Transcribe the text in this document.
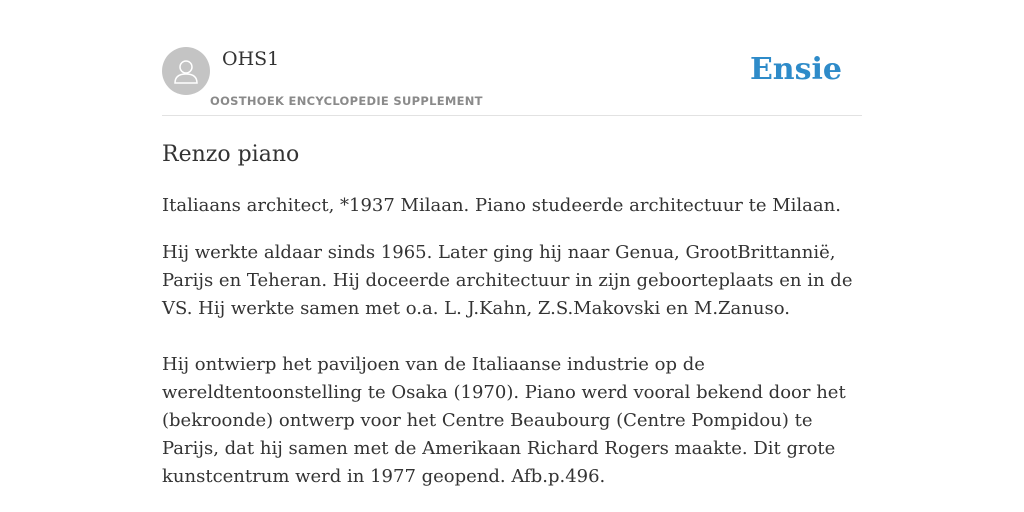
OHS1
OOSTHOEK ENCYCLOPEDIE SUPPLEMENT
Ensie
Renzo piano

Italiaans architect, *1937 Milaan. Piano studeerde architectuur te Milaan.

Hij werkte aldaar sinds 1965. Later ging hij naar Genua, GrootBrittannië, Parijs en Teheran. Hij doceerde architectuur in zijn geboorteplaats en in de VS. Hij werkte samen met o.a. L. J.Kahn, Z.S.Makovski en M.Zanuso.

Hij ontwierp het paviljoen van de Italiaanse industrie op de wereldtentoonstelling te Osaka (1970). Piano werd vooral bekend door het (bekroonde) ontwerp voor het Centre Beaubourg (Centre Pompidou) te Parijs, dat hij samen met de Amerikaan Richard Rogers maakte. Dit grote kunstcentrum werd in 1977 geopend. Afb.p.496.
